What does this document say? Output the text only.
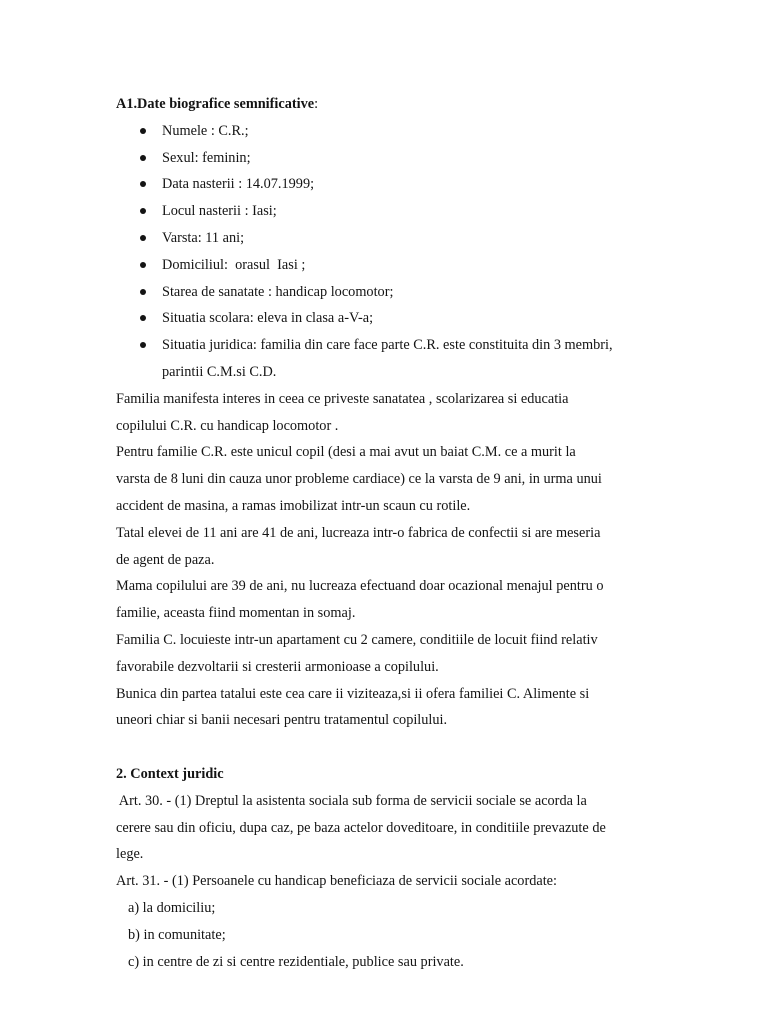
A1.Date biografice semnificative:
Numele : C.R.;
Sexul: feminin;
Data nasterii : 14.07.1999;
Locul nasterii : Iasi;
Varsta: 11 ani;
Domiciliul:  orasul  Iasi ;
Starea de sanatate : handicap locomotor;
Situatia scolara: eleva in clasa a-V-a;
Situatia juridica: familia din care face parte C.R. este constituita din 3 membri,
parintii C.M.si C.D.
Familia manifesta interes in ceea ce priveste sanatatea , scolarizarea si educatia
copilului C.R. cu handicap locomotor .
Pentru familie C.R. este unicul copil (desi a mai avut un baiat C.M. ce a murit la
varsta de 8 luni din cauza unor probleme cardiace) ce la varsta de 9 ani, in urma unui
accident de masina, a ramas imobilizat intr-un scaun cu rotile.
Tatal elevei de 11 ani are 41 de ani, lucreaza intr-o fabrica de confectii si are meseria
de agent de paza.
Mama copilului are 39 de ani, nu lucreaza efectuand doar ocazional menajul pentru o
familie, aceasta fiind momentan in somaj.
Familia C. locuieste intr-un apartament cu 2 camere, conditiile de locuit fiind relativ
favorabile dezvoltarii si cresterii armonioase a copilului.
Bunica din partea tatalui este cea care ii viziteaza,si ii ofera familiei C. Alimente si
uneori chiar si banii necesari pentru tratamentul copilului.
2. Context juridic
Art. 30. - (1) Dreptul la asistenta sociala sub forma de servicii sociale se acorda la
cerere sau din oficiu, dupa caz, pe baza actelor doveditoare, in conditiile prevazute de
lege.
Art. 31. - (1) Persoanele cu handicap beneficiaza de servicii sociale acordate:
a) la domiciliu;
b) in comunitate;
c) in centre de zi si centre rezidentiale, publice sau private.
